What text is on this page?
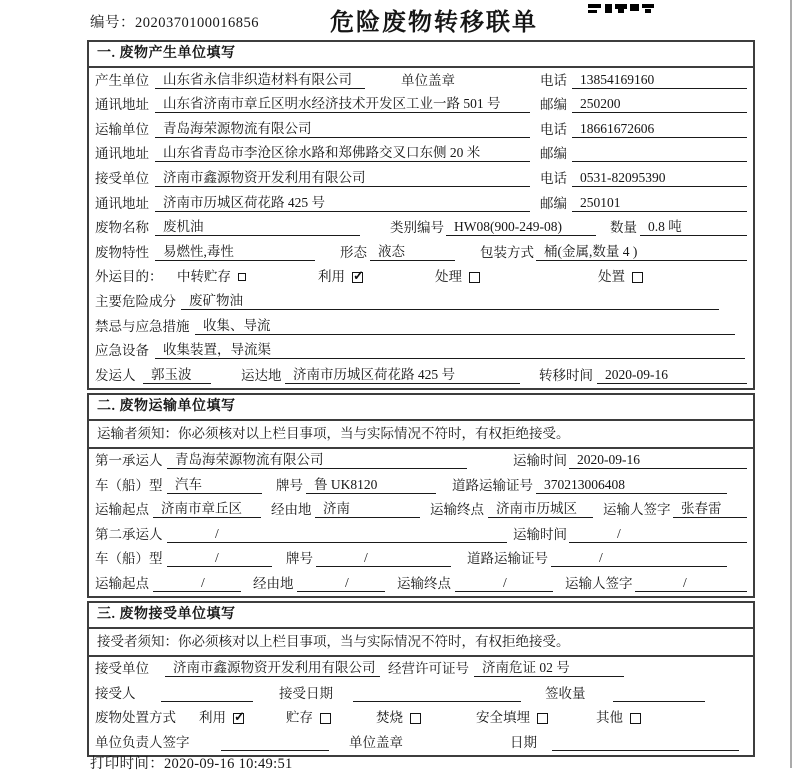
编号：2020370100016856	危险废物转移联单
一. 废物产生单位填写
产生单位	山东省永信非织造材料有限公司	单位盖章	电话 13854169160
通讯地址	山东省济南市章丘区明水经济技术开发区工业一路 501 号	邮编 250200
运输单位	青岛海荣源物流有限公司	电话 18661672606
通讯地址	山东省青岛市李沧区徐水路和郑佛路交叉口东侧 20 米	邮编
接受单位	济南市鑫源物资开发利用有限公司	电话 0531-82095390
通讯地址	济南市历城区荷花路 425 号	邮编 250101
废物名称	废机油	类别编号 HW08(900-249-08)	数量 0.8 吨
废物特性	易燃性,毒性	形态 液态	包装方式 桶(金属,数量 4 )
外运目的：	中转贮存	利用 ✓	处理	处置
主要危险成分 废矿物油
禁忌与应急措施	收集、导流
应急设备	收集装置，导流渠
发运人	郭玉波	运达地 济南市历城区荷花路 425 号	转移时间 2020-09-16
二. 废物运输单位填写
运输者须知：你必须核对以上栏目事项，当与实际情况不符时，有权拒绝接受。
第一承运人 青岛海荣源物流有限公司	运输时间 2020-09-16
车（船）型 汽车	牌号 鲁 UK8120	道路运输证号 370213006408
运输起点 济南市章丘区	经由地 济南	运输终点 济南市历城区	运输人签字 张春雷
第二承运人	/	运输时间	/
车（船）型	/	牌号	/	道路运输证号	/
运输起点	/	经由地	/	运输终点	/	运输人签字	/
三. 废物接受单位填写
接受者须知：你必须核对以上栏目事项，当与实际情况不符时，有权拒绝接受。
接受单位	济南市鑫源物资开发利用有限公司 经营许可证号 济南危证 02 号
接受人	接受日期	签收量
废物处置方式 利用 ✓	贮存	焚烧	安全填埋	其他
单位负责人签字	单位盖章	日期
打印时间：2020-09-16 10:49:51
